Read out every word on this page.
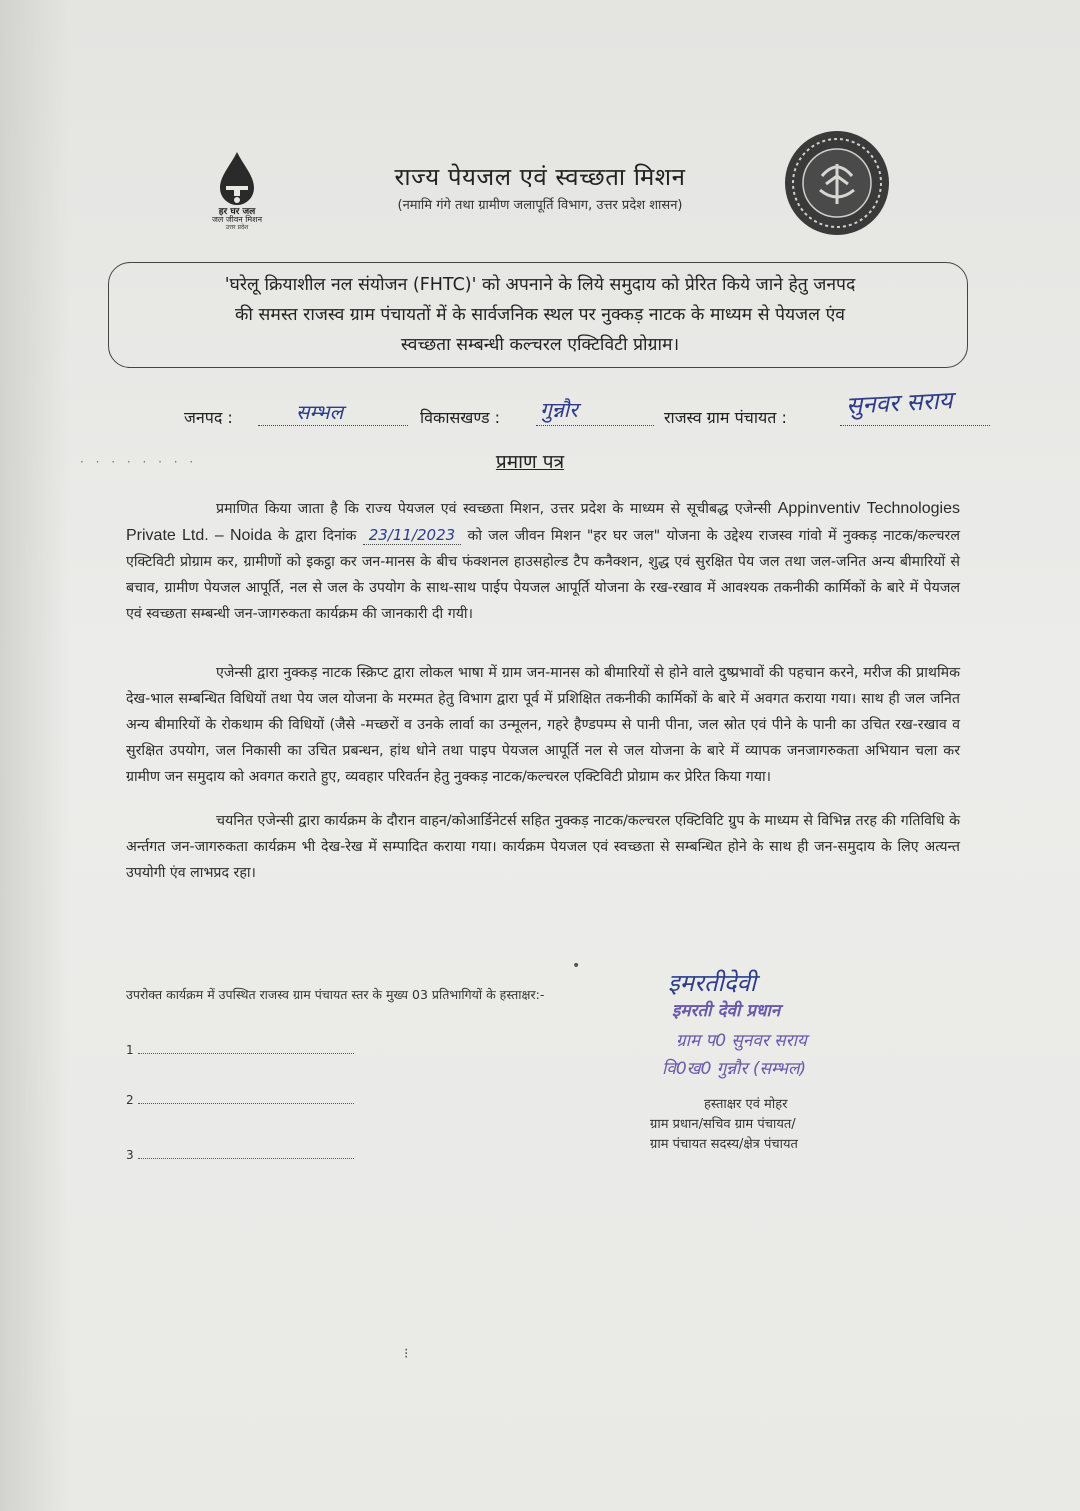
हर घर जल
जल जीवन मिशन
उत्तर प्रदेश
राज्य पेयजल एवं स्वच्छता मिशन
(नमामि गंगे तथा ग्रामीण जलापूर्ति विभाग, उत्तर प्रदेश शासन)
'घरेलू क्रियाशील नल संयोजन (FHTC)' को अपनाने के लिये समुदाय को प्रेरित किये जाने हेतु जनपद
की समस्त राजस्व ग्राम पंचायतों में के सार्वजनिक स्थल पर नुक्कड़ नाटक के माध्यम से पेयजल एंव
स्वच्छता सम्बन्धी कल्चरल एक्टिविटी प्रोग्राम।
जनपद :	सम्भल	विकासखण्ड : गुन्नौर	राजस्व ग्राम पंचायत : सुनवर सराय
· · · · · · · ·	प्रमाण पत्र
प्रमाणित किया जाता है कि राज्य पेयजल एवं स्वच्छता मिशन, उत्तर प्रदेश के माध्यम से सूचीबद्ध एजेन्सी Appinventiv Technologies Private Ltd. – Noida के द्वारा दिनांक 23/11/2023 को जल जीवन मिशन "हर घर जल" योजना के उद्देश्य राजस्व गांवो में नुक्कड़ नाटक/कल्चरल एक्टिविटी प्रोग्राम कर, ग्रामीणों को इकट्ठा कर जन-मानस के बीच फंक्शनल हाउसहोल्ड टैप कनैक्शन, शुद्ध एवं सुरक्षित पेय जल तथा जल-जनित अन्य बीमारियों से बचाव, ग्रामीण पेयजल आपूर्ति, नल से जल के उपयोग के साथ-साथ पाईप पेयजल आपूर्ति योजना के रख-रखाव में आवश्यक तकनीकी कार्मिकों के बारे में पेयजल एवं स्वच्छता सम्बन्धी जन-जागरुकता कार्यक्रम की जानकारी दी गयी।
एजेन्सी द्वारा नुक्कड़ नाटक स्क्रिप्ट द्वारा लोकल भाषा में ग्राम जन-मानस को बीमारियों से होने वाले दुष्प्रभावों की पहचान करने, मरीज की प्राथमिक देख-भाल सम्बन्धित विधियों तथा पेय जल योजना के मरम्मत हेतु विभाग द्वारा पूर्व में प्रशिक्षित तकनीकी कार्मिकों के बारे में अवगत कराया गया। साथ ही जल जनित अन्य बीमारियों के रोकथाम की विधियों (जैसे -मच्छरों व उनके लार्वा का उन्मूलन, गहरे हैण्डपम्प से पानी पीना, जल स्रोत एवं पीने के पानी का उचित रख-रखाव व सुरक्षित उपयोग, जल निकासी का उचित प्रबन्धन, हांथ धोने तथा पाइप पेयजल आपूर्ति नल से जल योजना के बारे में व्यापक जनजागरुकता अभियान चला कर ग्रामीण जन समुदाय को अवगत कराते हुए, व्यवहार परिवर्तन हेतु नुक्कड़ नाटक/कल्चरल एक्टिविटी प्रोग्राम कर प्रेरित किया गया।
चयनित एजेन्सी द्वारा कार्यक्रम के दौरान वाहन/कोआर्डिनेटर्स सहित नुक्कड़ नाटक/कल्चरल एक्टिविटि ग्रुप के माध्यम से विभिन्न तरह की गतिविधि के अर्न्तगत जन-जागरुकता कार्यक्रम भी देख-रेख में सम्पादित कराया गया। कार्यक्रम पेयजल एवं स्वच्छता से सम्बन्धित होने के साथ ही जन-समुदाय के लिए अत्यन्त उपयोगी एंव लाभप्रद रहा।
उपरोक्त कार्यक्रम में उपस्थित राजस्व ग्राम पंचायत स्तर के मुख्य 03 प्रतिभागियों के हस्ताक्षर:-
1
2
3
इमरतीदेवी
इमरती देवी प्रधान
ग्राम प0 सुनवर सराय
वि0ख0 गुन्नौर (सम्भल)
हस्ताक्षर एवं मोहर
ग्राम प्रधान/सचिव ग्राम पंचायत/
ग्राम पंचायत सदस्य/क्षेत्र पंचायत
•
⁝
